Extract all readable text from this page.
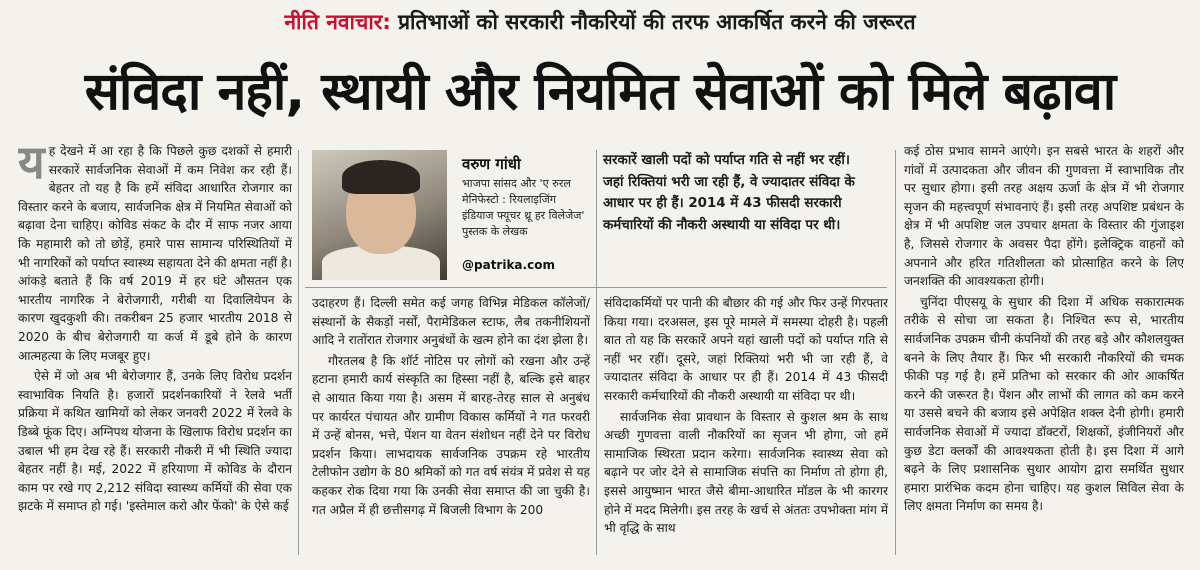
नीति नवाचार: प्रतिभाओं को सरकारी नौकरियों की तरफ आकर्षित करने की जरूरत
संविदा नहीं, स्थायी और नियमित सेवाओं को मिले बढ़ावा
य ह देखने में आ रहा है कि पिछले कुछ दशकों से हमारी सरकारें सार्वजनिक सेवाओं में कम निवेश कर रही हैं। बेहतर तो यह है कि हमें संविदा आधारित रोजगार का विस्तार करने के बजाय, सार्वजनिक क्षेत्र में नियमित सेवाओं को बढ़ावा देना चाहिए। कोविड संकट के दौर में साफ नजर आया कि महामारी को तो छोड़ें, हमारे पास सामान्य परिस्थितियों में भी नागरिकों को पर्याप्त स्वास्थ्य सहायता देने की क्षमता नहीं है। आंकड़े बताते हैं कि वर्ष 2019 में हर घंटे औसतन एक भारतीय नागरिक ने बेरोजगारी, गरीबी या दिवालियेपन के कारण खुदकुशी की। तकरीबन 25 हजार भारतीय 2018 से 2020 के बीच बेरोजगारी या कर्ज में डूबे होने के कारण आत्महत्या के लिए मजबूर हुए।

ऐसे में जो अब भी बेरोजगार हैं, उनके लिए विरोध प्रदर्शन स्वाभाविक नियति है। हजारों प्रदर्शनकारियों ने रेलवे भर्ती प्रक्रिया में कथित खामियों को लेकर जनवरी 2022 में रेलवे के डिब्बे फूंक दिए। अग्निपथ योजना के खिलाफ विरोध प्रदर्शन का उबाल भी हम देख रहे हैं। सरकारी नौकरी में भी स्थिति ज्यादा बेहतर नहीं है। मई, 2022 में हरियाणा में कोविड के दौरान काम पर रखे गए 2,212 संविदा स्वास्थ्य कर्मियों की सेवा एक झटके में समाप्त हो गई। 'इस्तेमाल करो और फेंको' के ऐसे कई

वरुण गांधी
भाजपा सांसद और 'ए रुरल मेनिफेस्टो : रियलाइजिंग इंडियाज फ्यूचर थ्रू हर विलेजेज' पुस्तक के लेखक
@patrika.com
सरकारें खाली पदों को पर्याप्त गति से नहीं भर रहीं। जहां रिक्तियां भरी जा रही हैं, वे ज्यादातर संविदा के आधार पर ही हैं। 2014 में 43 फीसदी सरकारी कर्मचारियों की नौकरी अस्थायी या संविदा पर थी।

उदाहरण हैं। दिल्ली समेत कई जगह विभिन्न मेडिकल कॉलेजों/संस्थानों के सैकड़ों नर्सों, पैरामेडिकल स्टाफ, लैब तकनीशियनों आदि ने रातोंरात रोजगार अनुबंधों के खत्म होने का दंश झेला है।

गौरतलब है कि शॉर्ट नोटिस पर लोगों को रखना और उन्हें हटाना हमारी कार्य संस्कृति का हिस्सा नहीं है, बल्कि इसे बाहर से आयात किया गया है। असम में बारह-तेरह साल से अनुबंध पर कार्यरत पंचायत और ग्रामीण विकास कर्मियों ने गत फरवरी में उन्हें बोनस, भत्ते, पेंशन या वेतन संशोधन नहीं देने पर विरोध प्रदर्शन किया। लाभदायक सार्वजनिक उपक्रम रहे भारतीय टेलीफोन उद्योग के 80 श्रमिकों को गत वर्ष संयंत्र में प्रवेश से यह कहकर रोक दिया गया कि उनकी सेवा समाप्त की जा चुकी है। गत अप्रैल में ही छत्तीसगढ़ में बिजली विभाग के 200

संविदाकर्मियों पर पानी की बौछार की गई और फिर उन्हें गिरफ्तार किया गया। दरअसल, इस पूरे मामले में समस्या दोहरी है। पहली बात तो यह कि सरकारें अपने यहां खाली पदों को पर्याप्त गति से नहीं भर रहीं। दूसरे, जहां रिक्तियां भरी भी जा रही हैं, वे ज्यादातर संविदा के आधार पर ही हैं। 2014 में 43 फीसदी सरकारी कर्मचारियों की नौकरी अस्थायी या संविदा पर थी।

सार्वजनिक सेवा प्रावधान के विस्तार से कुशल श्रम के साथ अच्छी गुणवत्ता वाली नौकरियों का सृजन भी होगा, जो हमें सामाजिक स्थिरता प्रदान करेगा। सार्वजनिक स्वास्थ्य सेवा को बढ़ाने पर जोर देने से सामाजिक संपत्ति का निर्माण तो होगा ही, इससे आयुष्मान भारत जैसे बीमा-आधारित मॉडल के भी कारगर होने में मदद मिलेगी। इस तरह के खर्च से अंततः उपभोक्ता मांग में भी वृद्धि के साथ

कई ठोस प्रभाव सामने आएंगे। इन सबसे भारत के शहरों और गांवों में उत्पादकता और जीवन की गुणवत्ता में स्वाभाविक तौर पर सुधार होगा। इसी तरह अक्षय ऊर्जा के क्षेत्र में भी रोजगार सृजन की महत्त्वपूर्ण संभावनाएं हैं। इसी तरह अपशिष्ट प्रबंधन के क्षेत्र में भी अपशिष्ट जल उपचार क्षमता के विस्तार की गुंजाइश है, जिससे रोजगार के अवसर पैदा होंगे। इलेक्ट्रिक वाहनों को अपनाने और हरित गतिशीलता को प्रोत्साहित करने के लिए जनशक्ति की आवश्यकता होगी।

चुनिंदा पीएसयू के सुधार की दिशा में अधिक सकारात्मक तरीके से सोचा जा सकता है। निश्चित रूप से, भारतीय सार्वजनिक उपक्रम चीनी कंपनियों की तरह बड़े और कौशलयुक्त बनने के लिए तैयार हैं। फिर भी सरकारी नौकरियों की चमक फीकी पड़ गई है। हमें प्रतिभा को सरकार की ओर आकर्षित करने की जरूरत है। पेंशन और लाभों की लागत को कम करने या उससे बचने की बजाय इसे अपेक्षित शक्ल देनी होगी। हमारी सार्वजनिक सेवाओं में ज्यादा डॉक्टरों, शिक्षकों, इंजीनियरों और कुछ डेटा क्लर्कों की आवश्यकता होती है। इस दिशा में आगे बढ़ने के लिए प्रशासनिक सुधार आयोग द्वारा समर्थित सुधार हमारा प्रारंभिक कदम होना चाहिए। यह कुशल सिविल सेवा के लिए क्षमता निर्माण का समय है।
